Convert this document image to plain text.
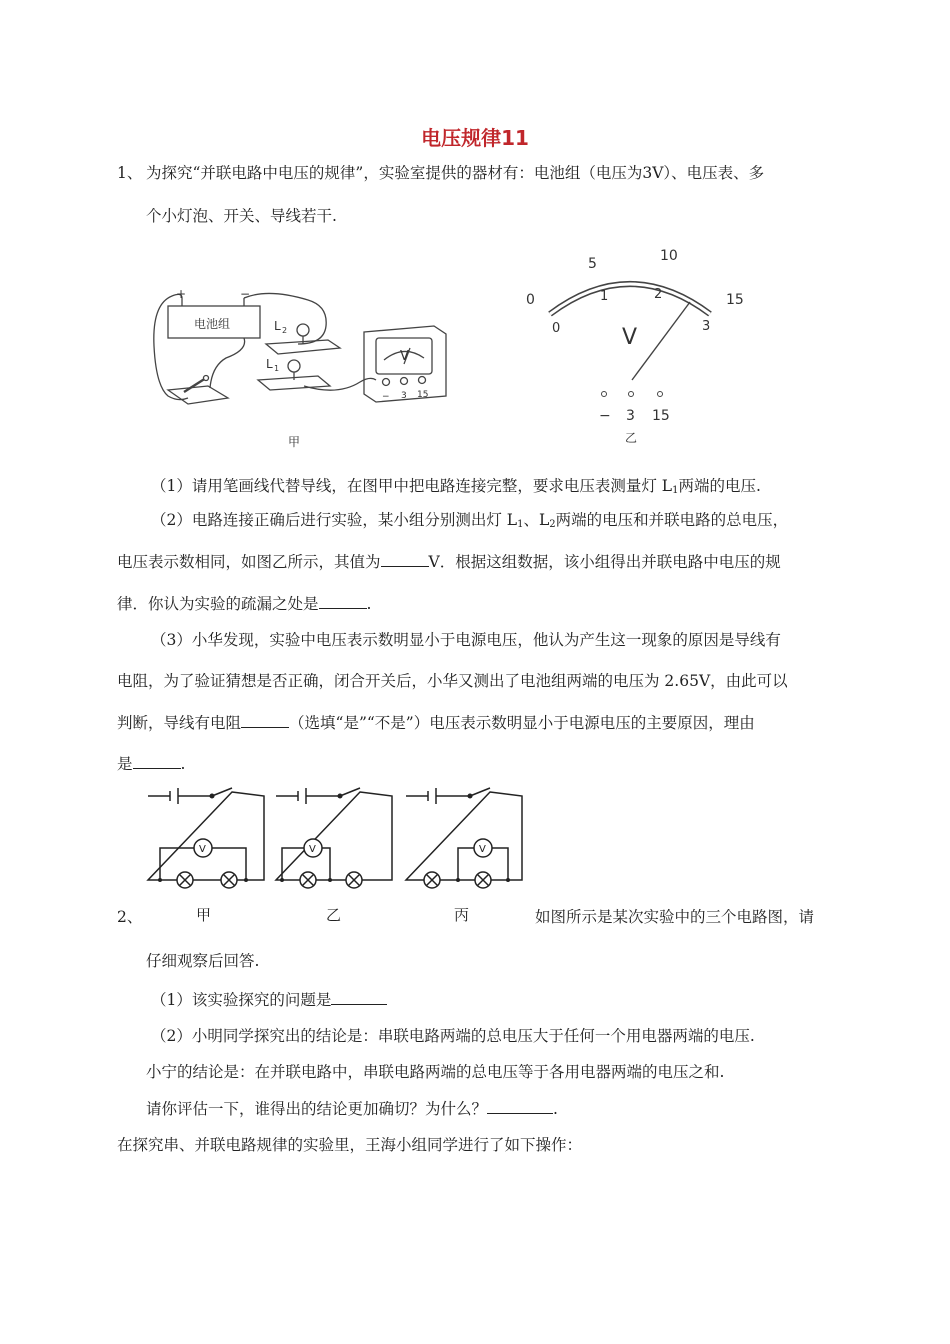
电压规律11
1、 为探究“并联电路中电压的规律”，实验室提供的器材有：电池组（电压为3V）、电压表、多
个小灯泡、开关、导线若干.
+	−
电池组	L 2
L 1
V
− 3 15
甲
0
5	10
15
0
1	2
3
V
− 3 15
乙
（1）请用笔画线代替导线，在图甲中把电路连接完整，要求电压表测量灯 $L_1$两端的电压.
（2）电路连接正确后进行实验，某小组分别测出灯 $L_1$、$L_2$两端的电压和并联电路的总电压，
电压表示数相同，如图乙所示，其值为	V．根据这组数据，该小组得出并联电路中电压的规
律．你认为实验的疏漏之处是	.
（3）小华发现，实验中电压表示数明显小于电源电压，他认为产生这一现象的原因是导线有
电阻，为了验证猜想是否正确，闭合开关后，小华又测出了电池组两端的电压为 2.65V，由此可以
判断，导线有电阻	（选填“是”“不是”）电压表示数明显小于电源电压的主要原因，理由
是	.
V	V	V
甲	乙	丙
2、	如图所示是某次实验中的三个电路图，请
仔细观察后回答.
（1）该实验探究的问题是
（2）小明同学探究出的结论是：串联电路两端的总电压大于任何一个用电器两端的电压.
小宁的结论是：在并联电路中，串联电路两端的总电压等于各用电器两端的电压之和.
请你评估一下，谁得出的结论更加确切？为什么？	.
在探究串、并联电路规律的实验里，王海小组同学进行了如下操作：
